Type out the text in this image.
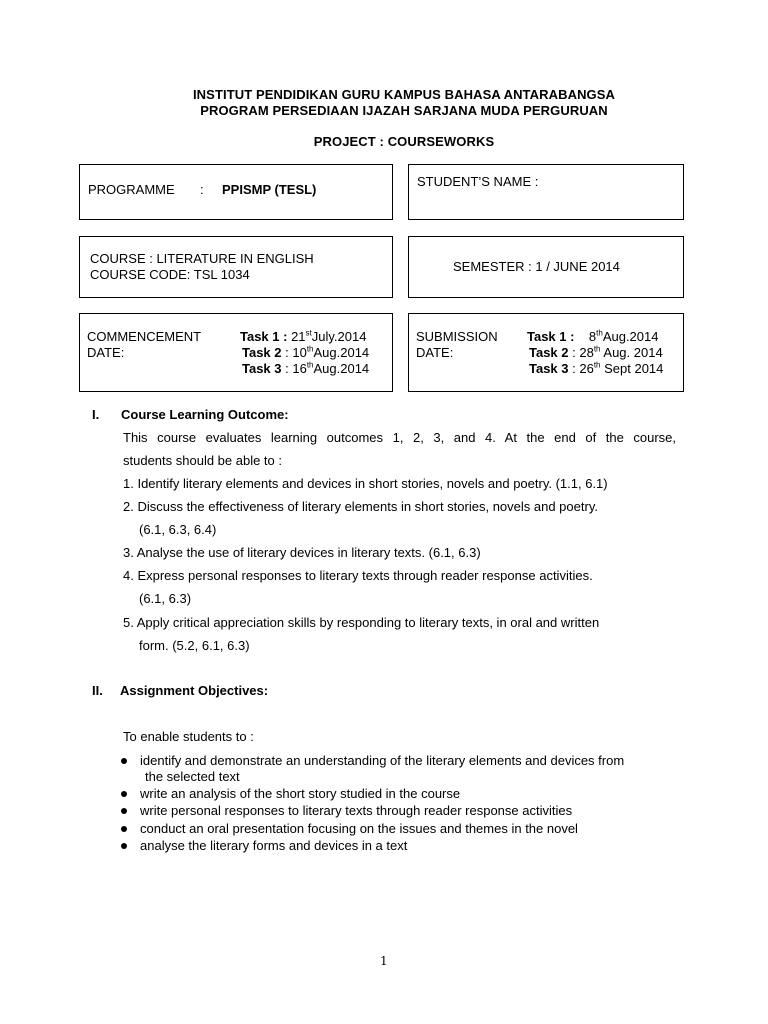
INSTITUT PENDIDIKAN GURU KAMPUS BAHASA ANTARABANGSA
PROGRAM PERSEDIAAN IJAZAH SARJANA MUDA PERGURUAN
PROJECT : COURSEWORKS
PROGRAMME : PPISMP (TESL)
STUDENT’S NAME :
COURSE : LITERATURE IN ENGLISH
COURSE CODE: TSL 1034
SEMESTER : 1 / JUNE 2014
COMMENCEMENT
DATE:
Task 1 : 21stJuly.2014
Task 2 : 10thAug.2014
Task 3 : 16thAug.2014
SUBMISSION
DATE:
Task 1 :    8thAug.2014
Task 2 : 28th Aug. 2014
Task 3 : 26th Sept 2014
I. Course Learning Outcome:
This course evaluates learning outcomes 1, 2, 3, and 4. At the end of the course,
students should be able to :
1. Identify literary elements and devices in short stories, novels and poetry. (1.1, 6.1)
2. Discuss the effectiveness of literary elements in short stories, novels and poetry.
(6.1, 6.3, 6.4)
3. Analyse the use of literary devices in literary texts. (6.1, 6.3)
4. Express personal responses to literary texts through reader response activities.
(6.1, 6.3)
5. Apply critical appreciation skills by responding to literary texts, in oral and written
form. (5.2, 6.1, 6.3)
II. Assignment Objectives:
To enable students to :
identify and demonstrate an understanding of the literary elements and devices from
the selected text
write an analysis of the short story studied in the course
write personal responses to literary texts through reader response activities
conduct an oral presentation focusing on the issues and themes in the novel
analyse the literary forms and devices in a text
1
